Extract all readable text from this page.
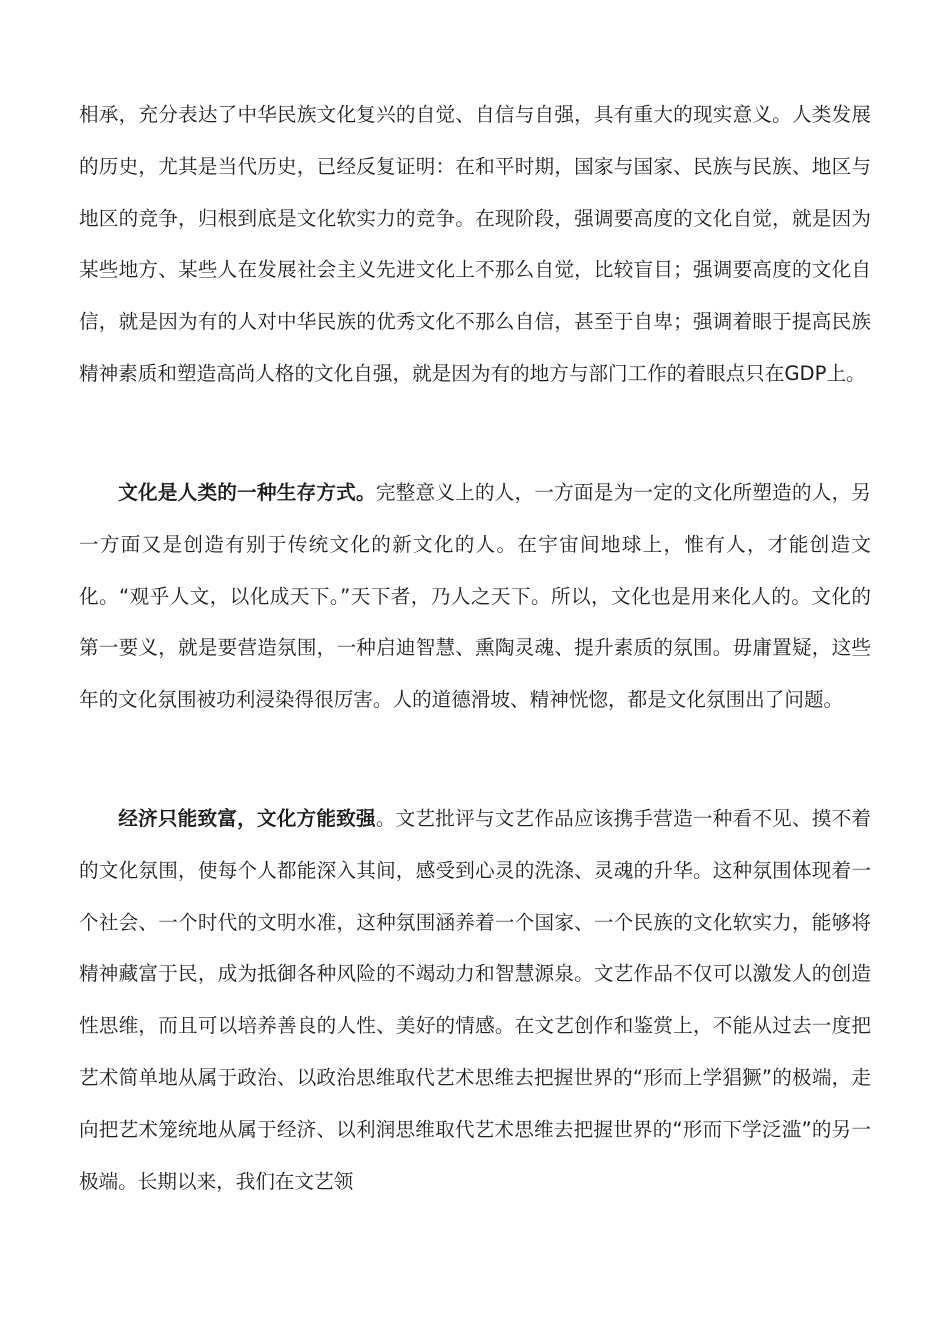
相承，充分表达了中华民族文化复兴的自觉、自信与自强，具有重大的现实意义。人类发展的历史，尤其是当代历史，已经反复证明：在和平时期，国家与国家、民族与民族、地区与地区的竞争，归根到底是文化软实力的竞争。在现阶段，强调要高度的文化自觉，就是因为某些地方、某些人在发展社会主义先进文化上不那么自觉，比较盲目；强调要高度的文化自信，就是因为有的人对中华民族的优秀文化不那么自信，甚至于自卑；强调着眼于提高民族精神素质和塑造高尚人格的文化自强，就是因为有的地方与部门工作的着眼点只在GDP上。

文化是人类的一种生存方式。完整意义上的人，一方面是为一定的文化所塑造的人，另一方面又是创造有别于传统文化的新文化的人。在宇宙间地球上，惟有人，才能创造文化。“观乎人文，以化成天下。”天下者，乃人之天下。所以，文化也是用来化人的。文化的第一要义，就是要营造氛围，一种启迪智慧、熏陶灵魂、提升素质的氛围。毋庸置疑，这些年的文化氛围被功利浸染得很厉害。人的道德滑坡、精神恍惚，都是文化氛围出了问题。

经济只能致富，文化方能致强。文艺批评与文艺作品应该携手营造一种看不见、摸不着的文化氛围，使每个人都能深入其间，感受到心灵的洗涤、灵魂的升华。这种氛围体现着一个社会、一个时代的文明水准，这种氛围涵养着一个国家、一个民族的文化软实力，能够将精神藏富于民，成为抵御各种风险的不竭动力和智慧源泉。文艺作品不仅可以激发人的创造性思维，而且可以培养善良的人性、美好的情感。在文艺创作和鉴赏上，不能从过去一度把艺术简单地从属于政治、以政治思维取代艺术思维去把握世界的“形而上学猖獗”的极端，走向把艺术笼统地从属于经济、以利润思维取代艺术思维去把握世界的“形而下学泛滥”的另一极端。长期以来，我们在文艺领
